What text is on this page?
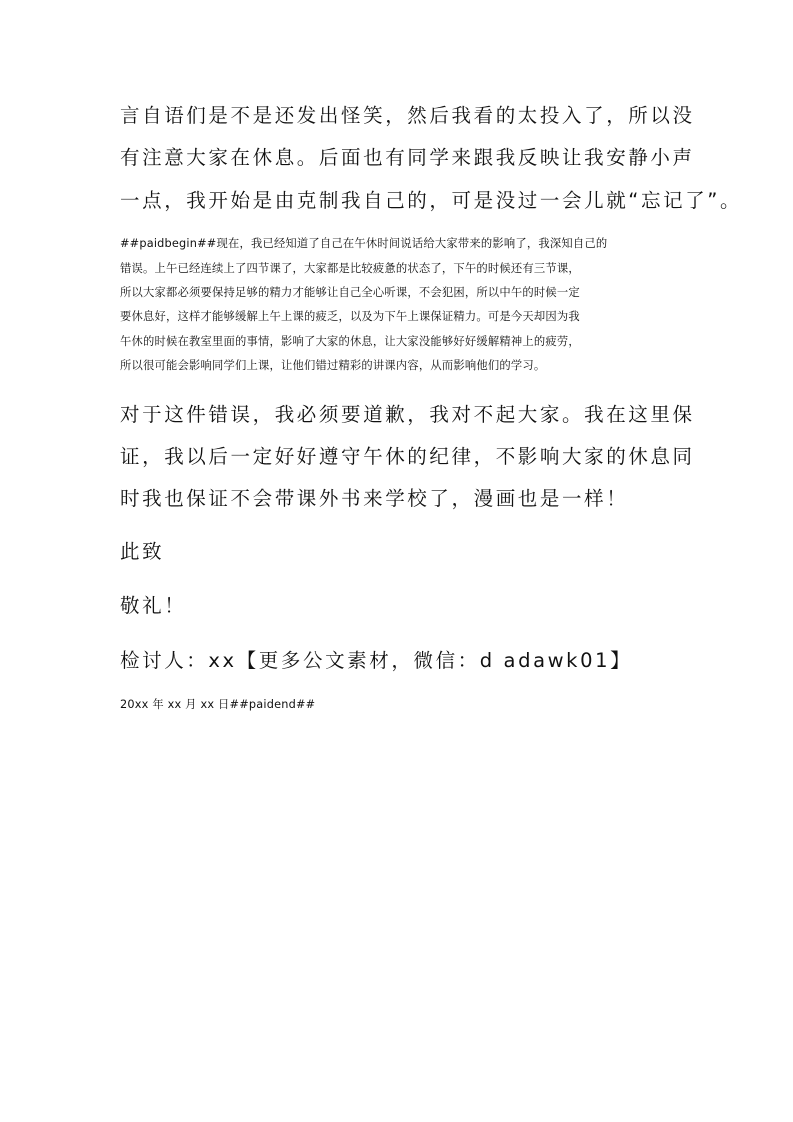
言自语们是不是还发出怪笑，然后我看的太投入了，所以没
有注意大家在休息。后面也有同学来跟我反映让我安静小声
一点，我开始是由克制我自己的，可是没过一会儿就“忘记了”。
##paidbegin##现在，我已经知道了自己在午休时间说话给大家带来的影响了，我深知自己的
错误。上午已经连续上了四节课了，大家都是比较疲惫的状态了，下午的时候还有三节课，
所以大家都必须要保持足够的精力才能够让自己全心听课，不会犯困，所以中午的时候一定
要休息好，这样才能够缓解上午上课的疲乏，以及为下午上课保证精力。可是今天却因为我
午休的时候在教室里面的事情，影响了大家的休息，让大家没能够好好缓解精神上的疲劳，
所以很可能会影响同学们上课，让他们错过精彩的讲课内容，从而影响他们的学习。
对于这件错误，我必须要道歉，我对不起大家。我在这里保
证，我以后一定好好遵守午休的纪律，不影响大家的休息同
时我也保证不会带课外书来学校了，漫画也是一样！
此致
敬礼！
检讨人：xx【更多公文素材，微信：d adawk01】
20xx 年 xx 月 xx 日##paidend##
